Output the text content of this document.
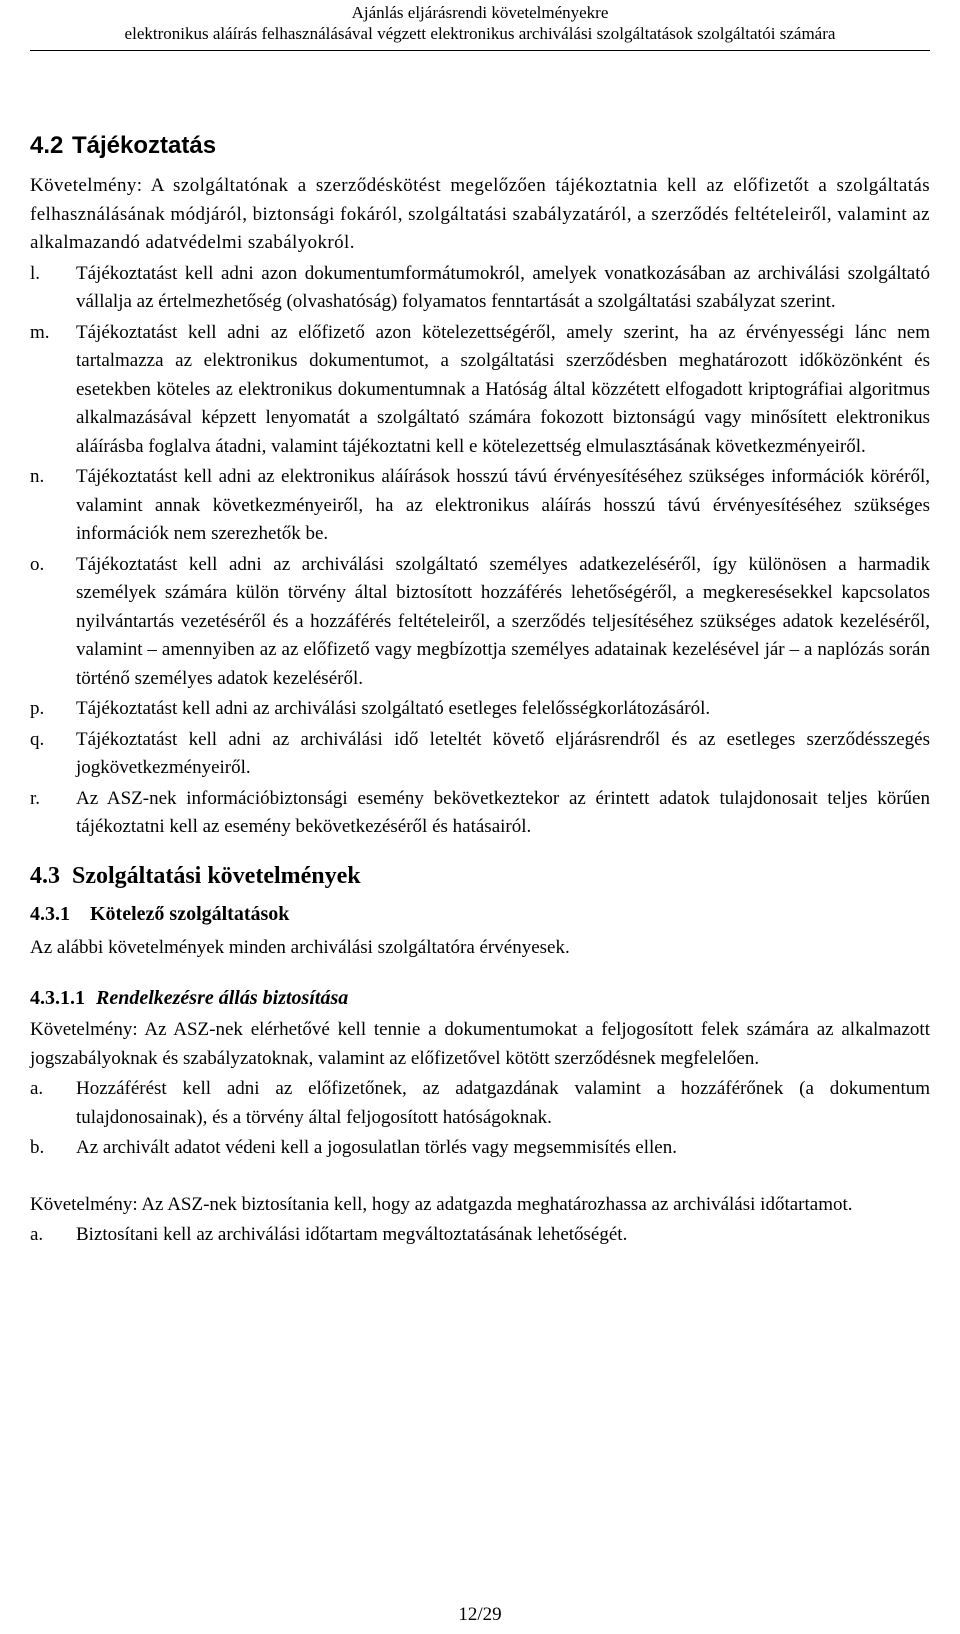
Ajánlás eljárásrendi követelményekre
elektronikus aláírás felhasználásával végzett elektronikus archiválási szolgáltatások szolgáltatói számára
4.2 Tájékoztatás

Követelmény: A szolgáltatónak a szerződéskötést megelőzően tájékoztatnia kell az előfizetőt a szolgáltatás felhasználásának módjáról, biztonsági fokáról, szolgáltatási szabályzatáról, a szerződés feltételeiről, valamint az alkalmazandó adatvédelmi szabályokról.

l.	Tájékoztatást kell adni azon dokumentumformátumokról, amelyek vonatkozásában az archiválási szolgáltató vállalja az értelmezhetőség (olvashatóság) folyamatos fenntartását a szolgáltatási szabályzat szerint.
m.	Tájékoztatást kell adni az előfizető azon kötelezettségéről, amely szerint, ha az érvényességi lánc nem tartalmazza az elektronikus dokumentumot, a szolgáltatási szerződésben meghatározott időközönként és esetekben köteles az elektronikus dokumentumnak a Hatóság által közzétett elfogadott kriptográfiai algoritmus alkalmazásával képzett lenyomatát a szolgáltató számára fokozott biztonságú vagy minősített elektronikus aláírásba foglalva átadni, valamint tájékoztatni kell e kötelezettség elmulasztásának következményeiről.
n.	Tájékoztatást kell adni az elektronikus aláírások hosszú távú érvényesítéséhez szükséges információk köréről, valamint annak következményeiről, ha az elektronikus aláírás hosszú távú érvényesítéséhez szükséges információk nem szerezhetők be.
o.	Tájékoztatást kell adni az archiválási szolgáltató személyes adatkezeléséről, így különösen a harmadik személyek számára külön törvény által biztosított hozzáférés lehetőségéről, a megkeresésekkel kapcsolatos nyilvántartás vezetéséről és a hozzáférés feltételeiről, a szerződés teljesítéséhez szükséges adatok kezeléséről, valamint – amennyiben az az előfizető vagy megbízottja személyes adatainak kezelésével jár – a naplózás során történő személyes adatok kezeléséről.
p.	Tájékoztatást kell adni az archiválási szolgáltató esetleges felelősségkorlátozásáról.
q.	Tájékoztatást kell adni az archiválási idő leteltét követő eljárásrendről és az esetleges szerződésszegés jogkövetkezményeiről.
r.	Az ASZ-nek információbiztonsági esemény bekövetkeztekor az érintett adatok tulajdonosait teljes körűen tájékoztatni kell az esemény bekövetkezéséről és hatásairól.
4.3 Szolgáltatási követelmények
4.3.1 Kötelező szolgáltatások

Az alábbi követelmények minden archiválási szolgáltatóra érvényesek.

4.3.1.1 Rendelkezésre állás biztosítása

Követelmény: Az ASZ-nek elérhetővé kell tennie a dokumentumokat a feljogosított felek számára az alkalmazott jogszabályoknak és szabályzatoknak, valamint az előfizetővel kötött szerződésnek megfelelően.

a.	Hozzáférést kell adni az előfizetőnek, az adatgazdának valamint a hozzáférőnek (a dokumentum tulajdonosainak), és a törvény által feljogosított hatóságoknak.
b.	Az archivált adatot védeni kell a jogosulatlan törlés vagy megsemmisítés ellen.

Követelmény: Az ASZ-nek biztosítania kell, hogy az adatgazda meghatározhassa az archiválási időtartamot.

a.	Biztosítani kell az archiválási időtartam megváltoztatásának lehetőségét.
12/29
